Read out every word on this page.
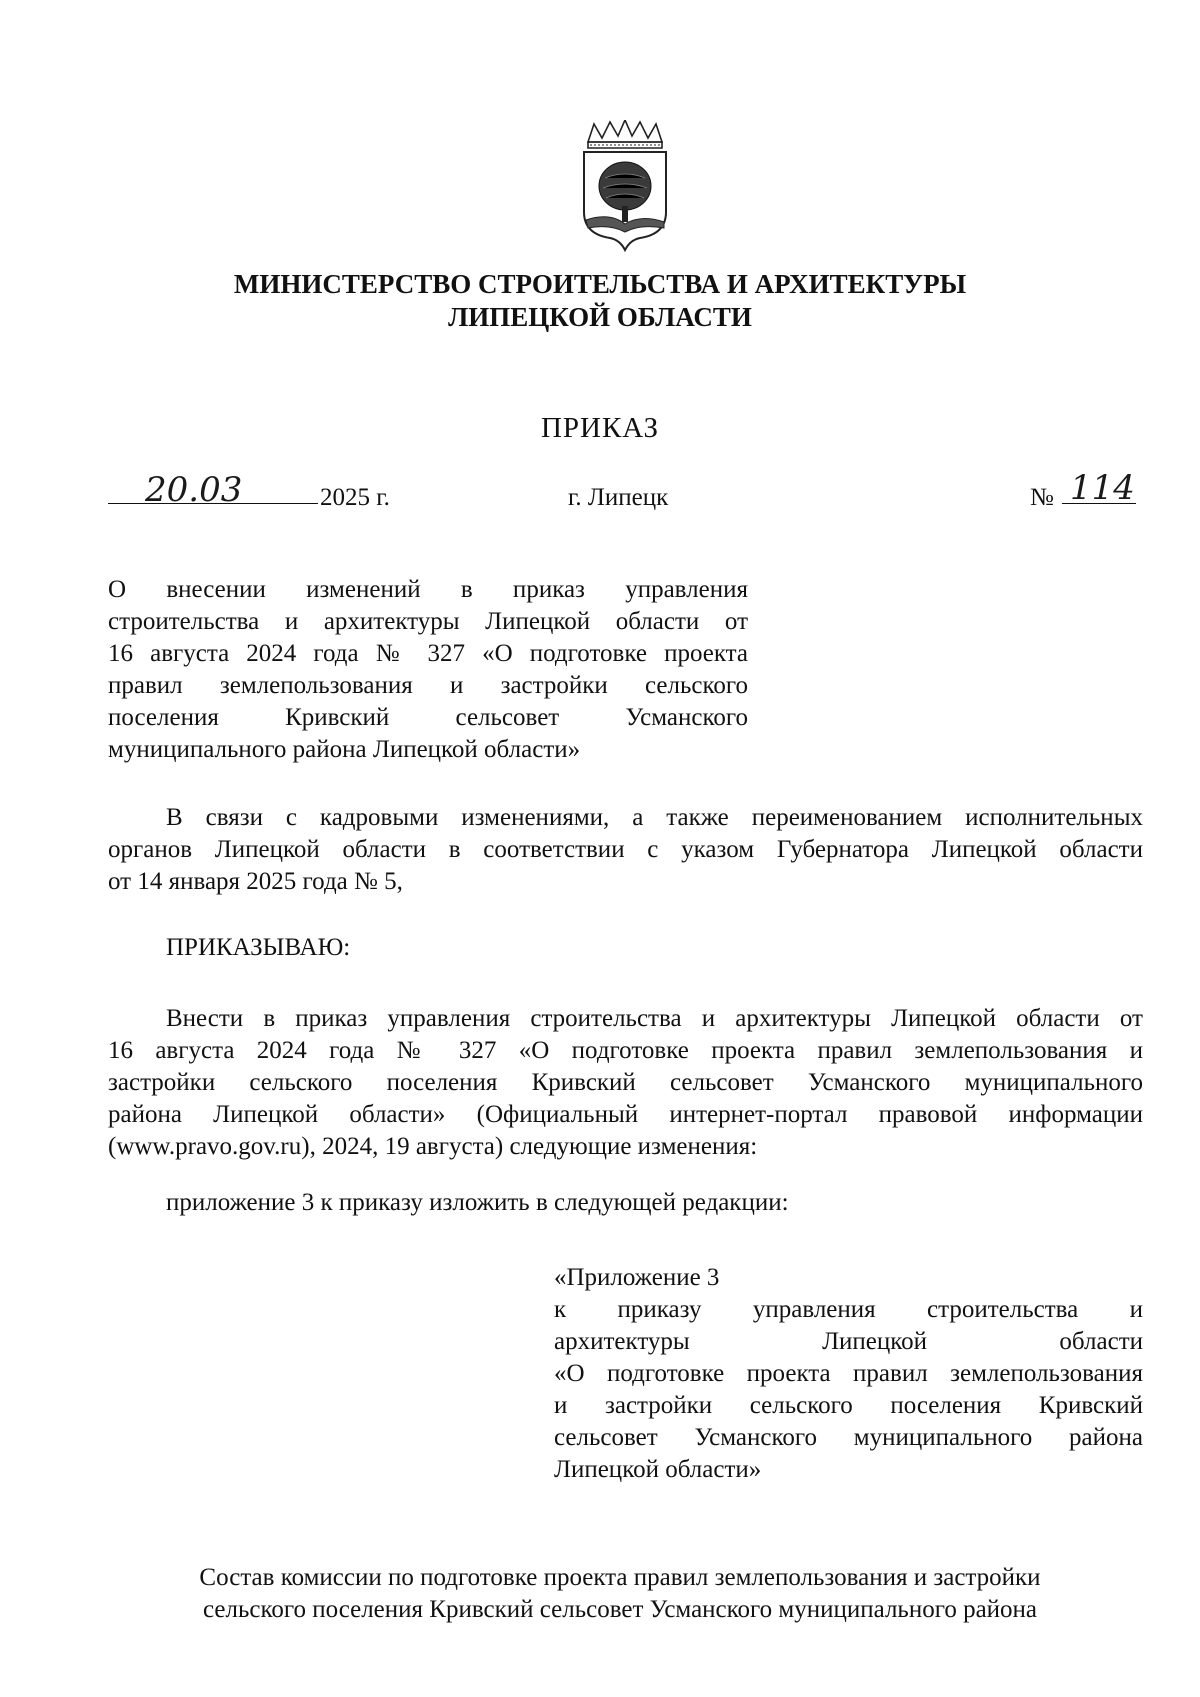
МИНИСТЕРСТВО СТРОИТЕЛЬСТВА И АРХИТЕКТУРЫ
ЛИПЕЦКОЙ ОБЛАСТИ
ПРИКАЗ
20.03	2025 г.	г. Липецк	№ 114
О внесении изменений в приказ управления
строительства и архитектуры Липецкой области от
16 августа 2024 года № 327 «О подготовке проекта
правил землепользования и застройки сельского
поселения Кривский сельсовет Усманского
муниципального района Липецкой области»
В связи с кадровыми изменениями, а также переименованием исполнительных
органов Липецкой области в соответствии с указом Губернатора Липецкой области
от 14 января 2025 года № 5,
ПРИКАЗЫВАЮ:
Внести в приказ управления строительства и архитектуры Липецкой области от
16 августа 2024 года № 327 «О подготовке проекта правил землепользования и
застройки сельского поселения Кривский сельсовет Усманского муниципального
района Липецкой области» (Официальный интернет-портал правовой информации
(www.pravo.gov.ru), 2024, 19 августа) следующие изменения:
приложение 3 к приказу изложить в следующей редакции:
«Приложение 3
к приказу управления строительства и
архитектуры Липецкой области
«О подготовке проекта правил землепользования
и застройки сельского поселения Кривский
сельсовет Усманского муниципального района
Липецкой области»
Состав комиссии по подготовке проекта правил землепользования и застройки
сельского поселения Кривский сельсовет Усманского муниципального района
